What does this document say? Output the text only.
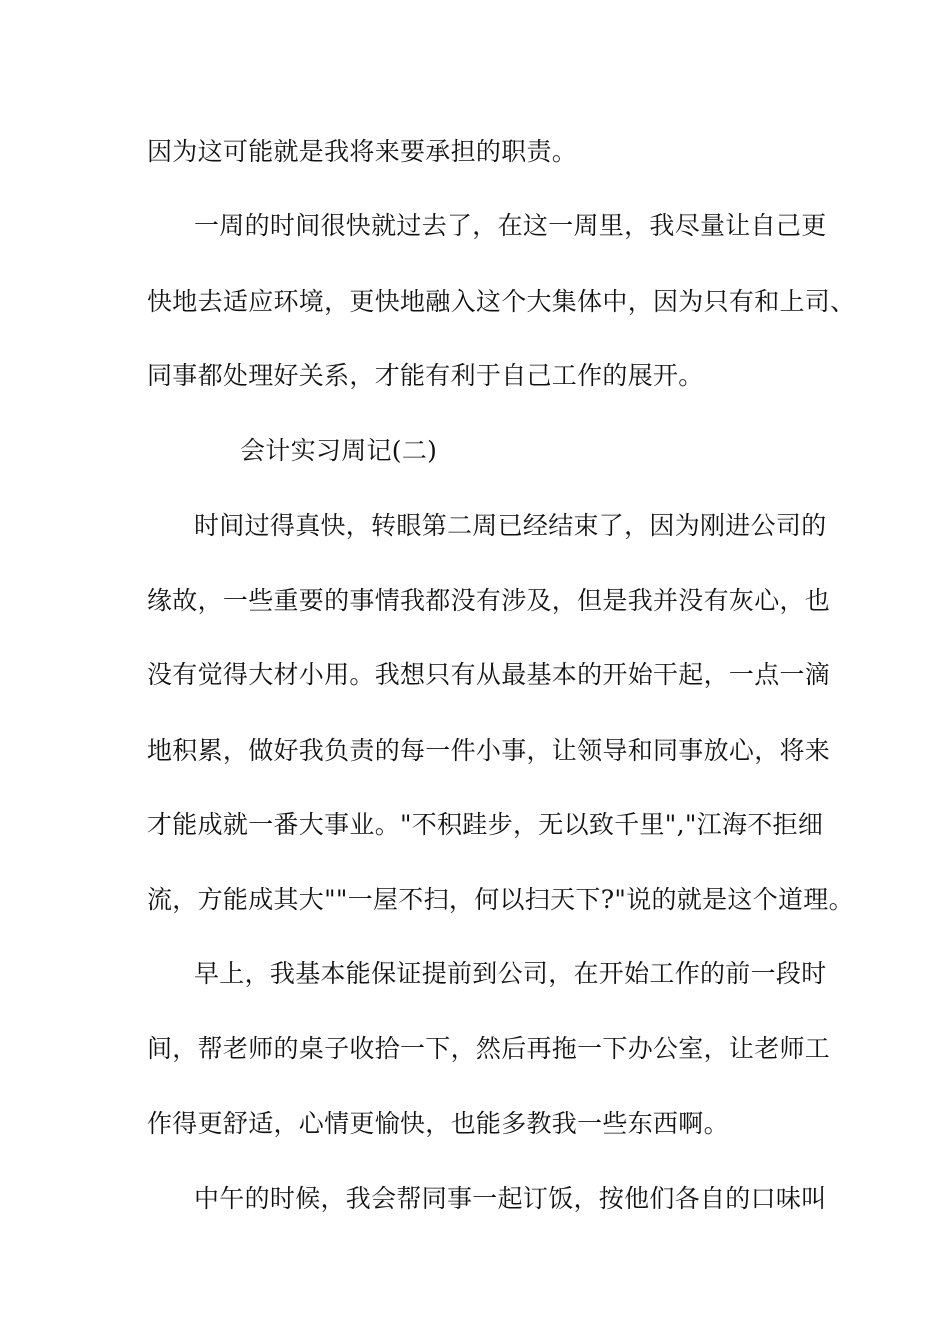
因为这可能就是我将来要承担的职责。
一周的时间很快就过去了，在这一周里，我尽量让自己更
快地去适应环境，更快地融入这个大集体中，因为只有和上司、
同事都处理好关系，才能有利于自己工作的展开。
会计实习周记(二)
时间过得真快，转眼第二周已经结束了，因为刚进公司的
缘故，一些重要的事情我都没有涉及，但是我并没有灰心，也
没有觉得大材小用。我想只有从最基本的开始干起，一点一滴
地积累，做好我负责的每一件小事，让领导和同事放心，将来
才能成就一番大事业。"不积跬步，无以致千里","江海不拒细
流，方能成其大""一屋不扫，何以扫天下?"说的就是这个道理。
早上，我基本能保证提前到公司，在开始工作的前一段时
间，帮老师的桌子收拾一下，然后再拖一下办公室，让老师工
作得更舒适，心情更愉快，也能多教我一些东西啊。
中午的时候，我会帮同事一起订饭，按他们各自的口味叫
